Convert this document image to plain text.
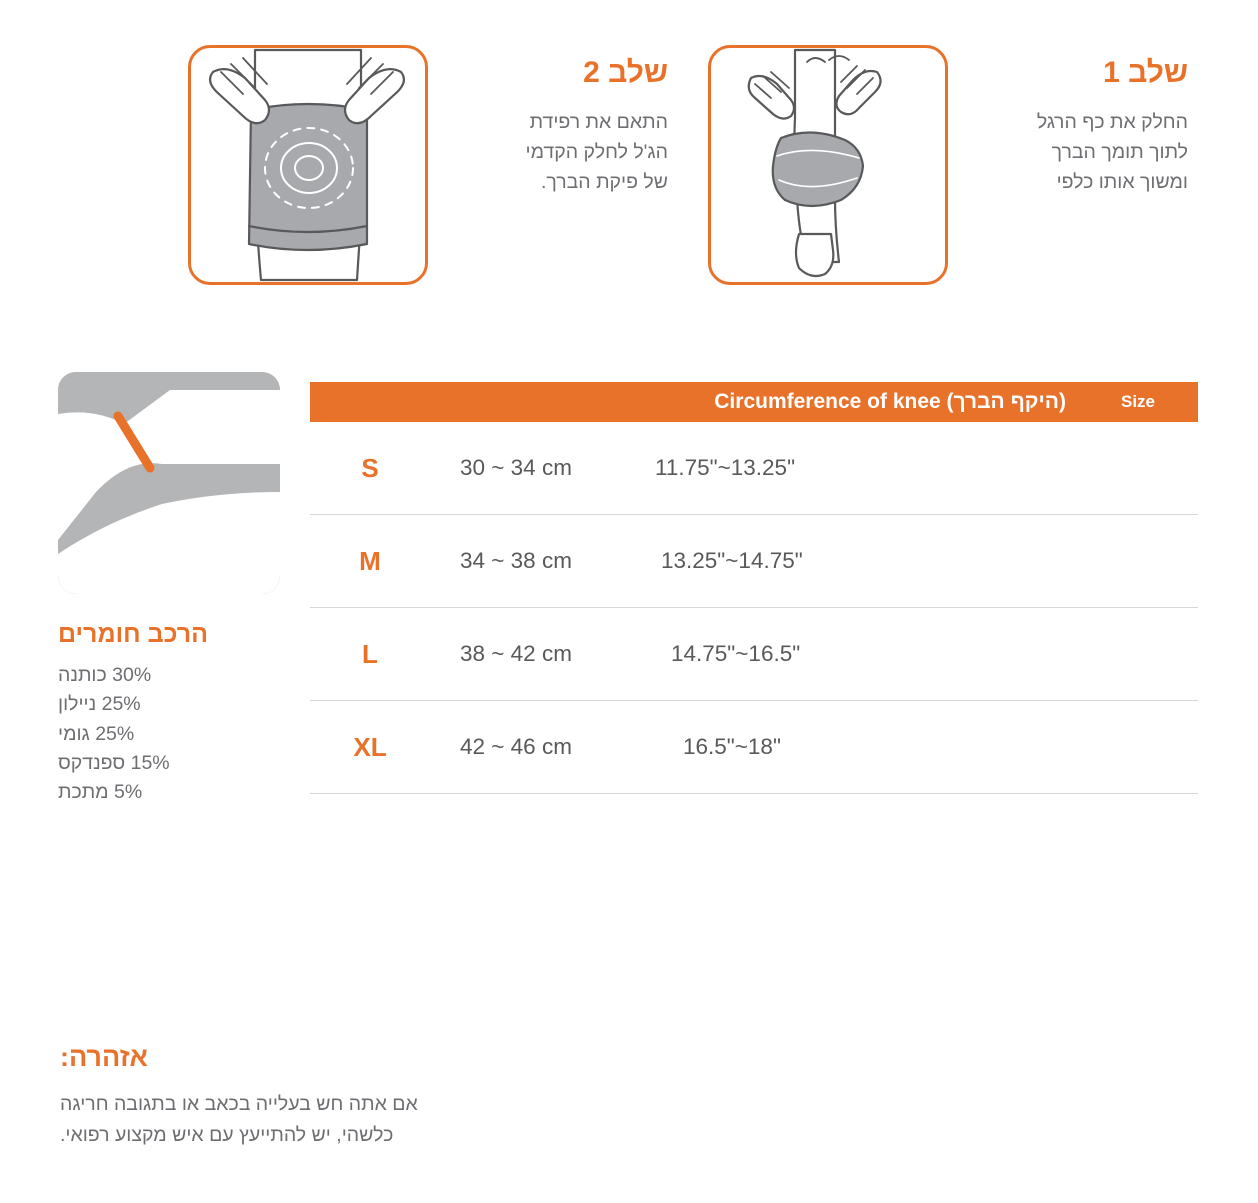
שלב 1
החלק את כף הרגל
לתוך תומך הברך
ומשוך אותו כלפי
שלב 2
התאם את רפידת
הג'ל לחלק הקדמי
של פיקת הברך.
Size
(היקף הברך) Circumference of knee
S	30 ~ 34 cm	11.75"~13.25"
M	34 ~ 38 cm	13.25"~14.75"
L	38 ~ 42 cm	14.75"~16.5"
XL	42 ~ 46 cm	16.5"~18"
הרכב חומרים
30% כותנה
25% ניילון
25% גומי
15% ספנדקס
5% מתכת
אזהרה:
אם אתה חש בעלייה בכאב או בתגובה חריגה
כלשהי, יש להתייעץ עם איש מקצוע רפואי.
